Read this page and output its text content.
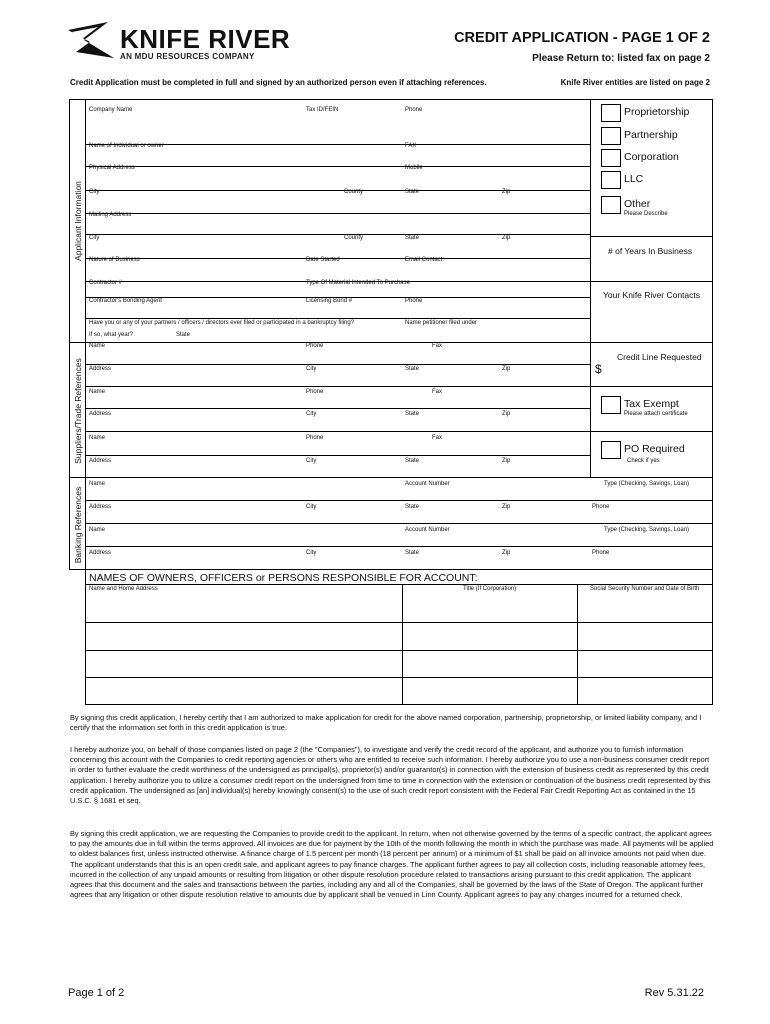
KNIFE RIVER
AN MDU RESOURCES COMPANY
CREDIT APPLICATION - PAGE 1 OF 2
Please Return to: listed fax on page 2
Credit Application must be completed in full and signed by an authorized person even if attaching references.	Knife River entities are listed on page 2
Applicant Information
Suppliers/Trade References
Banking References
Company Name	Tax ID/FEIN	Phone
Name of Individual or owner	FAX
Physical Address	Mobile
City	County	State	Zip
Mailing Address
City	County	State	Zip
Nature of Business	Date Started	Email Contact:
Contractor #	Type Of Material Intended To Purchase
Contractor's Bonding Agent	Licensing Bond #	Phone
Have you or any of your partners / officers / directors ever filed or participated in a bankruptcy filing?	Name petitioner filed under
If so, what year?	State
Proprietorship
Partnership
Corporation
LLC
Other
Please Describe
# of Years In Business
Your Knife River Contacts
Credit Line Requested
$
Tax Exempt
Please attach certificate
PO Required
Check if yes
Name	Phone	Fax
Address	City	State	Zip
Name	Phone	Fax
Address	City	State	Zip
Name	Phone	Fax
Address	City	State	Zip
Name	Account Number	Type (Checking, Savings, Loan)
Address	City	State	Zip	Phone
Name	Account Number	Type (Checking, Savings, Loan)
Address	City	State	Zip	Phone
NAMES OF OWNERS, OFFICERS or PERSONS RESPONSIBLE FOR ACCOUNT:
Name and Home Address	Title (If Corporation)	Social Security Number and Date of Birth
By signing this credit application, I hereby certify that I am authorized to make application for credit for the above named corporation, partnership, proprietorship, or limited liability company, and I certify that the information set forth in this credit application is true.
I hereby authorize you, on behalf of those companies listed on page 2 (the "Companies"), to investigate and verify the credit record of the applicant, and authorize you to furnish information concerning this account with the Companies to credit reporting agencies or others who are entitled to receive such information. I hereby authorize you to use a non-business consumer credit report in order to further evaluate the credit worthiness of the undersigned as principal(s), proprietor(s) and/or guarantor(s) in connection with the extension of business credit as represented by this credit application. I hereby authorize you to utilize a consumer credit report on the undersigned from time to time in connection with the extension or continuation of the business credit represented by this credit application. The undersigned as [an] individual(s) hereby knowingly consent(s) to the use of such credit report consistent with the Federal Fair Credit Reporting Act as contained in the 15 U.S.C. § 1681 et seq.
By signing this credit application, we are requesting the Companies to provide credit to the applicant. In return, when not otherwise governed by the terms of a specific contract, the applicant agrees to pay the amounts due in full within the terms approved. All invoices are due for payment by the 10th of the month following the month in which the purchase was made. All payments will be applied to oldest balances first, unless instructed otherwise. A finance charge of 1.5 percent per month (18 percent per annum) or a minimum of $1 shall be paid on all invoice amounts not paid when due. The applicant understands that this is an open credit sale, and applicant agrees to pay finance charges. The applicant further agrees to pay all collection costs, including reasonable attorney fees, incurred in the collection of any unpaid amounts or resulting from litigation or other dispute resolution procedure related to transactions arising pursuant to this credit application. The applicant agrees that this document and the sales and transactions between the parties, including any and all of the Companies, shall be governed by the laws of the State of Oregon. The applicant further agrees that any litigation or other dispute resolution relative to amounts due by applicant shall be venued in Linn County. Applicant agrees to pay any charges incurred for a returned check.
Page 1 of 2	Rev 5.31.22
